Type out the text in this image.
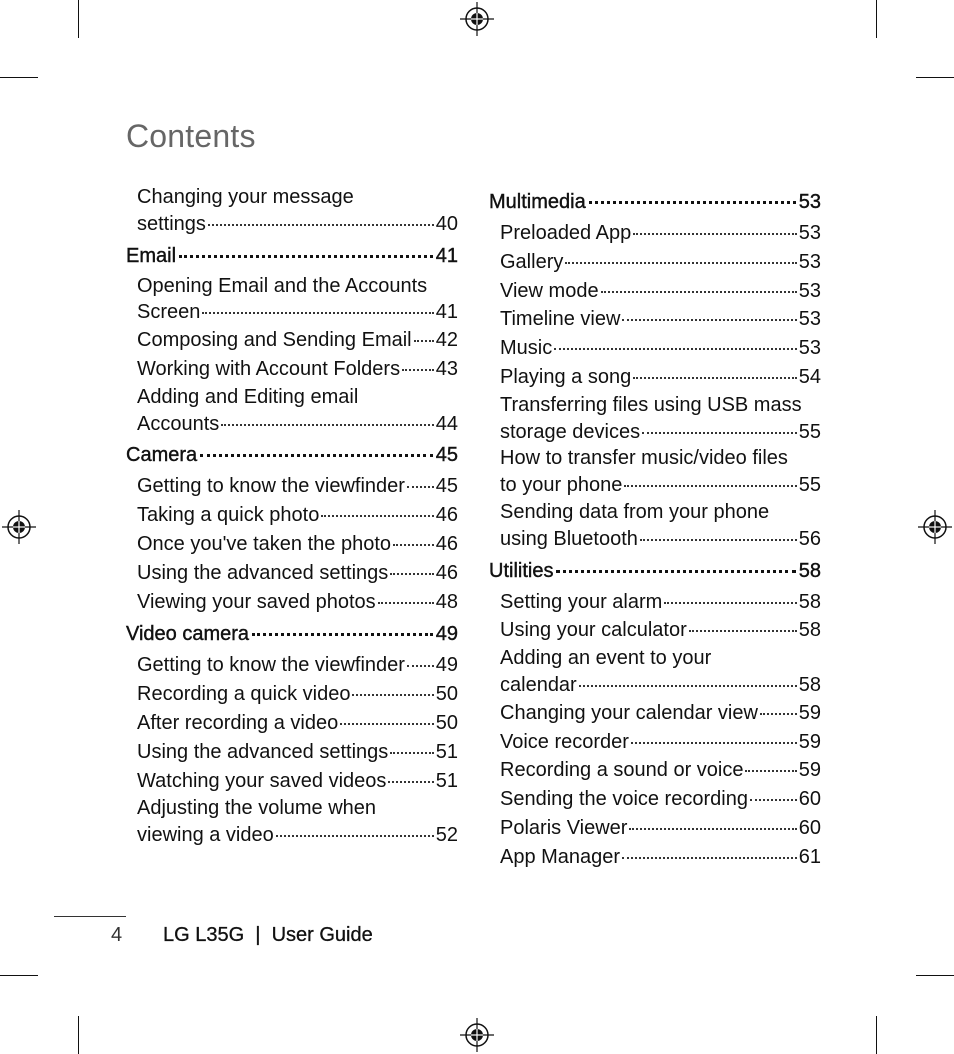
Contents
Changing your message
settings	40
Email	41
Opening Email and the Accounts
Screen	41
Composing and Sending Email 42
Working with Account Folders 43
Adding and Editing email
Accounts	44
Camera	45
Getting to know the viewfinder 45
Taking a quick photo	46
Once you've taken the photo 46
Using the advanced settings 46
Viewing your saved photos	48
Video camera	49
Getting to know the viewfinder 49
Recording a quick video	50
After recording a video	50
Using the advanced settings 51
Watching your saved videos 51
Adjusting the volume when
viewing a video	52
Multimedia	53
Preloaded App	53
Gallery	53
View mode	53
Timeline view	53
Music	53
Playing a song	54
Transferring files using USB mass
storage devices	55
How to transfer music/video files
to your phone	55
Sending data from your phone
using Bluetooth	56
Utilities	58
Setting your alarm	58
Using your calculator	58
Adding an event to your
calendar	58
Changing your calendar view 59
Voice recorder	59
Recording a sound or voice	59
Sending the voice recording	60
Polaris Viewer	60
App Manager	61
4 LG L35G  |  User Guide
